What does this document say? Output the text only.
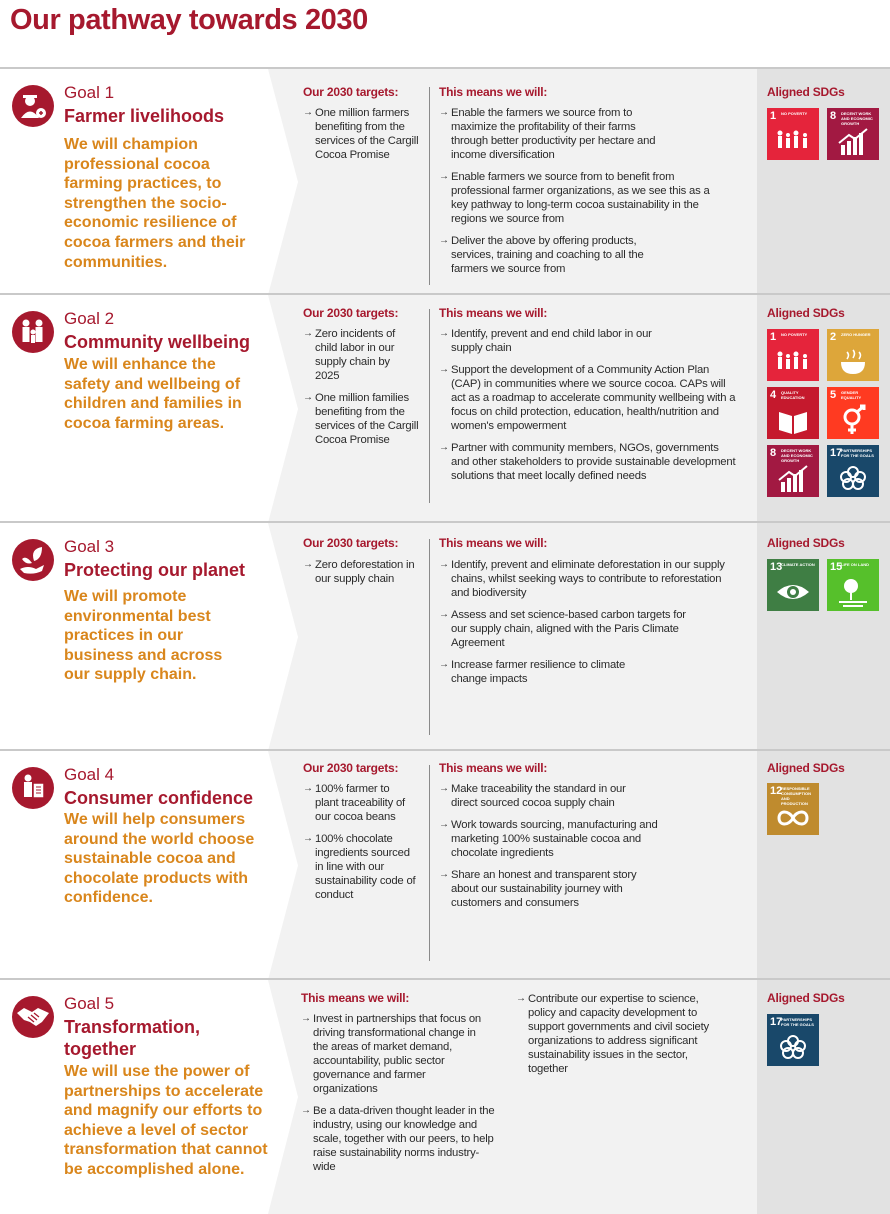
Our pathway towards 2030
Goal 1
Farmer livelihoods
We will champion professional cocoa farming practices, to strengthen the socio-economic resilience of cocoa farmers and their communities.
Our 2030 targets:
→ One million farmers benefiting from the services of the Cargill Cocoa Promise
This means we will:
→ Enable the farmers we source from to maximize the profitability of their farms through better productivity per hectare and income diversification
→ Enable farmers we source from to benefit from professional farmer organizations, as we see this as a key pathway to long-term cocoa sustainability in the regions we source from
→ Deliver the above by offering products, services, training and coaching to all the farmers we source from
Aligned SDGs
1 NO POVERTY	8 DECENT WORK AND ECONOMIC GROWTH
Goal 2
Community wellbeing
We will enhance the safety and wellbeing of children and families in cocoa farming areas.
Our 2030 targets:
→ Zero incidents of child labor in our supply chain by 2025
→ One million families benefiting from the services of the Cargill Cocoa Promise
This means we will:
→ Identify, prevent and end child labor in our supply chain
→ Support the development of a Community Action Plan (CAP) in communities where we source cocoa. CAPs will act as a roadmap to accelerate community wellbeing with a focus on child protection, education, health/nutrition and women's empowerment
→ Partner with community members, NGOs, governments and other stakeholders to provide sustainable development solutions that meet locally defined needs
Aligned SDGs
1 NO POVERTY	2 ZERO HUNGER
4 QUALITY EDUCATION	5 GENDER EQUALITY
8 DECENT WORK AND ECONOMIC GROWTH
17
PARTNERSHIPS FOR THE GOALS
Goal 3
Protecting our planet
We will promote environmental best practices in our business and across our supply chain.
Our 2030 targets:
→ Zero deforestation in our supply chain
This means we will:
→ Identify, prevent and eliminate deforestation in our supply chains, whilst seeking ways to contribute to reforestation and biodiversity
→ Assess and set science-based carbon targets for our supply chain, aligned with the Paris Climate Agreement
→ Increase farmer resilience to climate change impacts
Aligned SDGs
13
CLIMATE ACTION 15
LIFE ON LAND
Goal 4
Consumer confidence
We will help consumers around the world choose sustainable cocoa and chocolate products with confidence.
Our 2030 targets:
→ 100% farmer to plant traceability of our cocoa beans
→ 100% chocolate ingredients sourced in line with our sustainability code of conduct
This means we will:
→ Make traceability the standard in our direct sourced cocoa supply chain
→ Work towards sourcing, manufacturing and marketing 100% sustainable cocoa and chocolate ingredients
→ Share an honest and transparent story about our sustainability journey with customers and consumers
Aligned SDGs
12
RESPONSIBLE CONSUMPTION AND PRODUCTION
Goal 5
Transformation, together
We will use the power of partnerships to accelerate and magnify our efforts to achieve a level of sector transformation that cannot be accomplished alone.
This means we will:
→ Invest in partnerships that focus on driving transformational change in the areas of market demand, accountability, public sector governance and farmer organizations
→ Be a data-driven thought leader in the industry, using our knowledge and scale, together with our peers, to help raise sustainability norms industry-wide
→ Contribute our expertise to science, policy and capacity development to support governments and civil society organizations to address significant sustainability issues in the sector, together
Aligned SDGs
17
PARTNERSHIPS FOR THE GOALS
